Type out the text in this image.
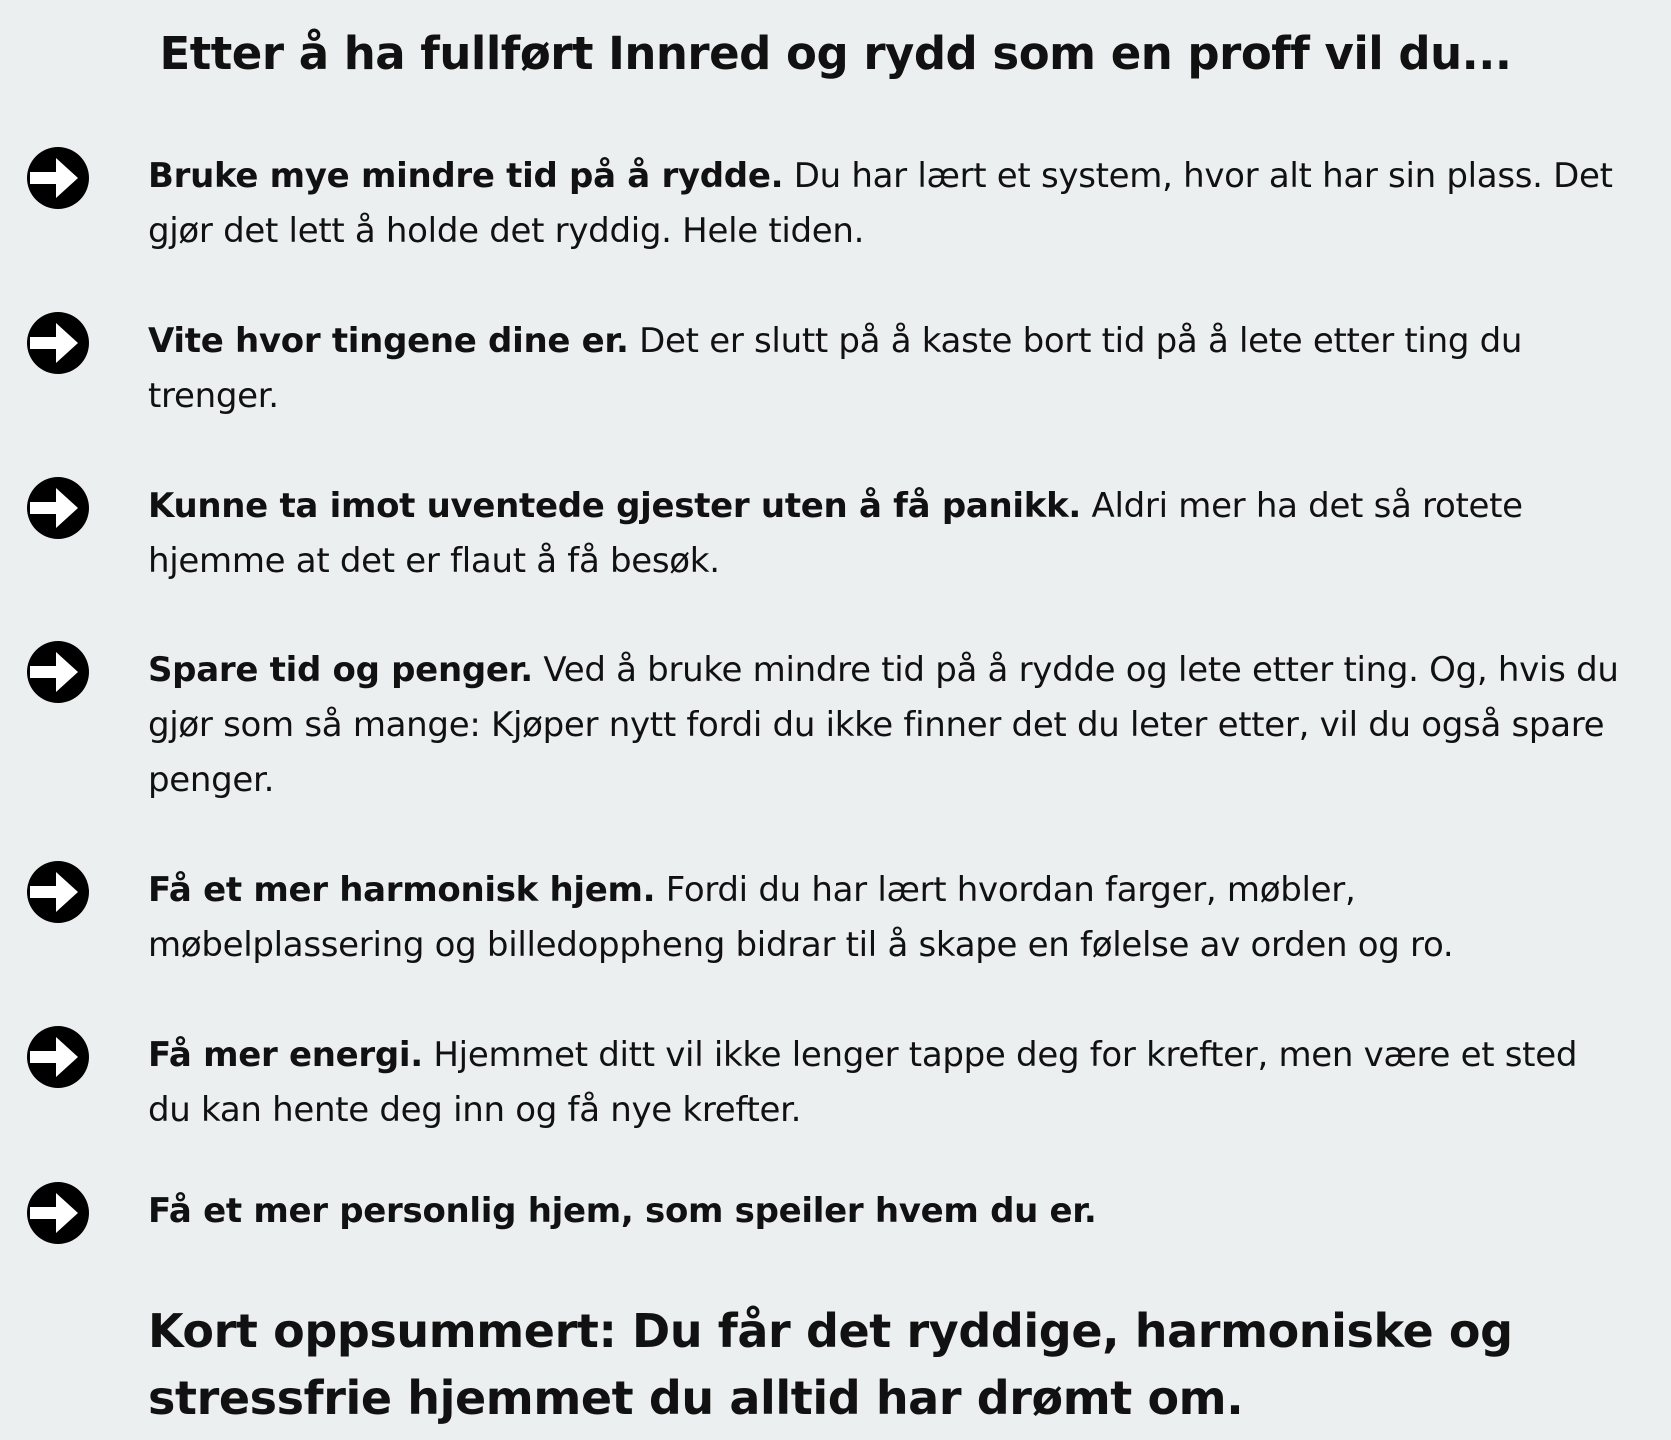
Etter å ha fullført Innred og rydd som en proff vil du...

Bruke mye mindre tid på å rydde. Du har lært et system, hvor alt har sin plass. Det gjør det lett å holde det ryddig. Hele tiden.

Vite hvor tingene dine er. Det er slutt på å kaste bort tid på å lete etter ting du trenger.

Kunne ta imot uventede gjester uten å få panikk. Aldri mer ha det så rotete hjemme at det er flaut å få besøk.

Spare tid og penger. Ved å bruke mindre tid på å rydde og lete etter ting. Og, hvis du gjør som så mange: Kjøper nytt fordi du ikke finner det du leter etter, vil du også spare penger.

Få et mer harmonisk hjem. Fordi du har lært hvordan farger, møbler, møbelplassering og billedoppheng bidrar til å skape en følelse av orden og ro.

Få mer energi. Hjemmet ditt vil ikke lenger tappe deg for krefter, men være et sted du kan hente deg inn og få nye krefter.

Få et mer personlig hjem, som speiler hvem du er.

Kort oppsummert: Du får det ryddige, harmoniske og stressfrie hjemmet du alltid har drømt om.
